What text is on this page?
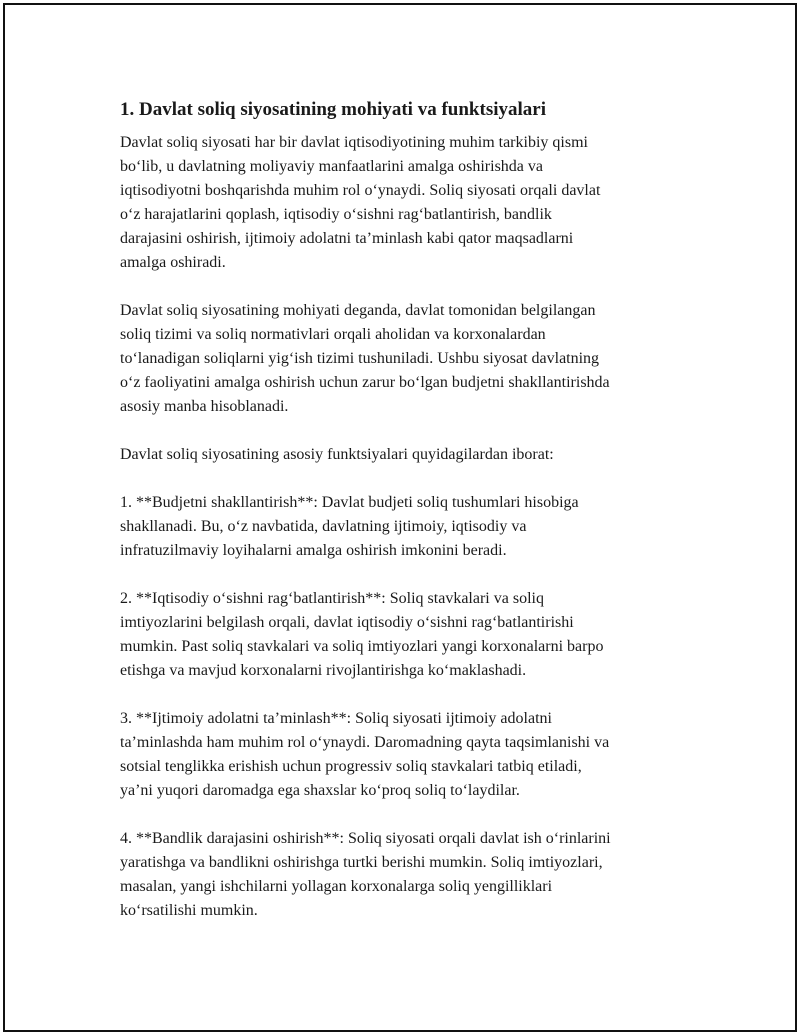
1. Davlat soliq siyosatining mohiyati va funktsiyalari

Davlat soliq siyosati har bir davlat iqtisodiyotining muhim tarkibiy qismi
bo‘lib, u davlatning moliyaviy manfaatlarini amalga oshirishda va
iqtisodiyotni boshqarishda muhim rol o‘ynaydi. Soliq siyosati orqali davlat
o‘z harajatlarini qoplash, iqtisodiy o‘sishni rag‘batlantirish, bandlik
darajasini oshirish, ijtimoiy adolatni ta’minlash kabi qator maqsadlarni
amalga oshiradi.

Davlat soliq siyosatining mohiyati deganda, davlat tomonidan belgilangan
soliq tizimi va soliq normativlari orqali aholidan va korxonalardan
to‘lanadigan soliqlarni yig‘ish tizimi tushuniladi. Ushbu siyosat davlatning
o‘z faoliyatini amalga oshirish uchun zarur bo‘lgan budjetni shakllantirishda
asosiy manba hisoblanadi.

Davlat soliq siyosatining asosiy funktsiyalari quyidagilardan iborat:

1. **Budjetni shakllantirish**: Davlat budjeti soliq tushumlari hisobiga
shakllanadi. Bu, o‘z navbatida, davlatning ijtimoiy, iqtisodiy va
infratuzilmaviy loyihalarni amalga oshirish imkonini beradi.

2. **Iqtisodiy o‘sishni rag‘batlantirish**: Soliq stavkalari va soliq
imtiyozlarini belgilash orqali, davlat iqtisodiy o‘sishni rag‘batlantirishi
mumkin. Past soliq stavkalari va soliq imtiyozlari yangi korxonalarni barpo
etishga va mavjud korxonalarni rivojlantirishga ko‘maklashadi.

3. **Ijtimoiy adolatni ta’minlash**: Soliq siyosati ijtimoiy adolatni
ta’minlashda ham muhim rol o‘ynaydi. Daromadning qayta taqsimlanishi va
sotsial tenglikka erishish uchun progressiv soliq stavkalari tatbiq etiladi,
ya’ni yuqori daromadga ega shaxslar ko‘proq soliq to‘laydilar.

4. **Bandlik darajasini oshirish**: Soliq siyosati orqali davlat ish o‘rinlarini
yaratishga va bandlikni oshirishga turtki berishi mumkin. Soliq imtiyozlari,
masalan, yangi ishchilarni yollagan korxonalarga soliq yengilliklari
ko‘rsatilishi mumkin.
